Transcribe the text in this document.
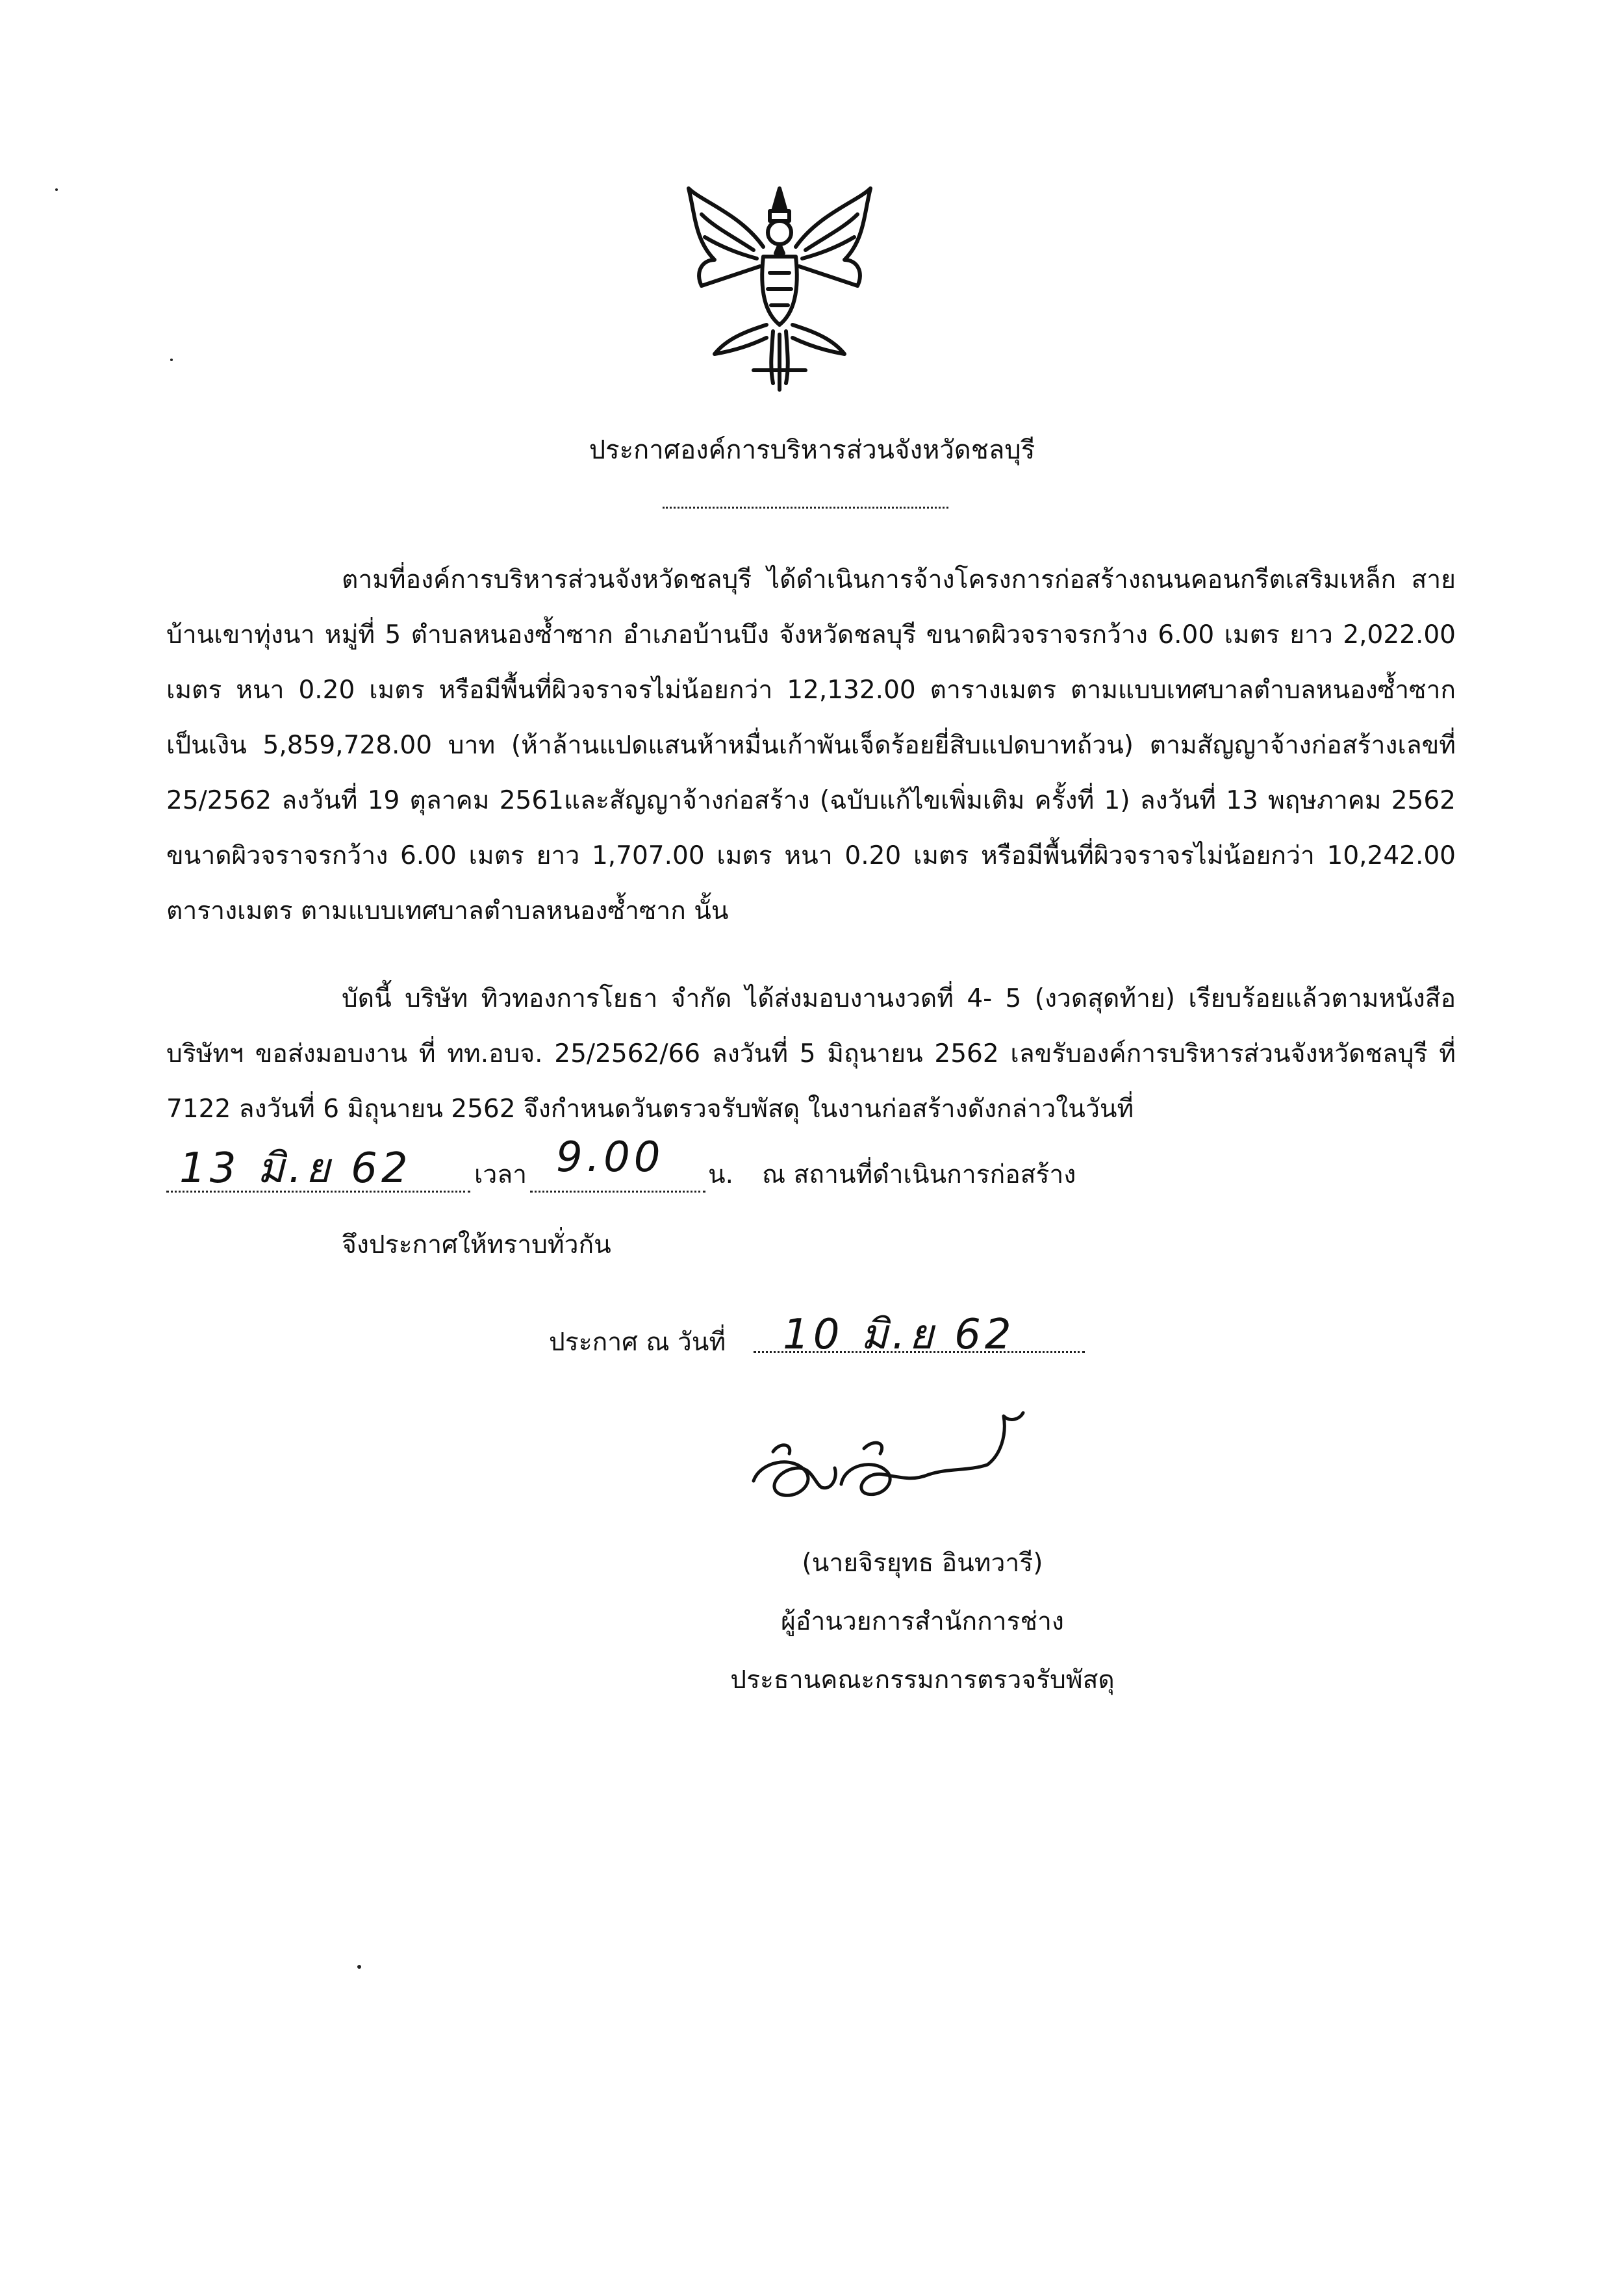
ประกาศองค์การบริหารส่วนจังหวัดชลบุรี
ตามที่องค์การบริหารส่วนจังหวัดชลบุรี ได้ดำเนินการจ้างโครงการก่อสร้างถนนคอนกรีตเสริมเหล็ก สายบ้านเขาทุ่งนา หมู่ที่ 5 ตำบลหนองซ้ำซาก อำเภอบ้านบึง จังหวัดชลบุรี ขนาดผิวจราจรกว้าง 6.00 เมตร ยาว 2,022.00 เมตร หนา 0.20 เมตร หรือมีพื้นที่ผิวจราจรไม่น้อยกว่า 12,132.00 ตารางเมตร ตามแบบเทศบาลตำบลหนองซ้ำซาก เป็นเงิน 5,859,728.00 บาท (ห้าล้านแปดแสนห้าหมื่นเก้าพันเจ็ดร้อยยี่สิบแปดบาทถ้วน) ตามสัญญาจ้างก่อสร้างเลขที่ 25/2562 ลงวันที่ 19 ตุลาคม 2561และสัญญาจ้างก่อสร้าง (ฉบับแก้ไขเพิ่มเติม ครั้งที่ 1) ลงวันที่ 13 พฤษภาคม 2562 ขนาดผิวจราจรกว้าง 6.00 เมตร ยาว 1,707.00 เมตร หนา 0.20 เมตร หรือมีพื้นที่ผิวจราจรไม่น้อยกว่า 10,242.00 ตารางเมตร ตามแบบเทศบาลตำบลหนองซ้ำซาก นั้น
บัดนี้ บริษัท ทิวทองการโยธา จำกัด ได้ส่งมอบงานงวดที่ 4- 5 (งวดสุดท้าย) เรียบร้อยแล้วตามหนังสือบริษัทฯ ขอส่งมอบงาน ที่ ทท.อบจ. 25/2562/66 ลงวันที่ 5 มิถุนายน 2562 เลขรับองค์การบริหารส่วนจังหวัดชลบุรี ที่ 7122 ลงวันที่ 6 มิถุนายน 2562 จึงกำหนดวันตรวจรับพัสดุ ในงานก่อสร้างดังกล่าวในวันที่
13 มิ.ย 62 เวลา 9.00 น. ณ สถานที่ดำเนินการก่อสร้าง
จึงประกาศให้ทราบทั่วกัน
ประกาศ ณ วันที่ 10 มิ.ย 62
(นายจิรยุทธ อินทวารี)
ผู้อำนวยการสำนักการช่าง
ประธานคณะกรรมการตรวจรับพัสดุ
